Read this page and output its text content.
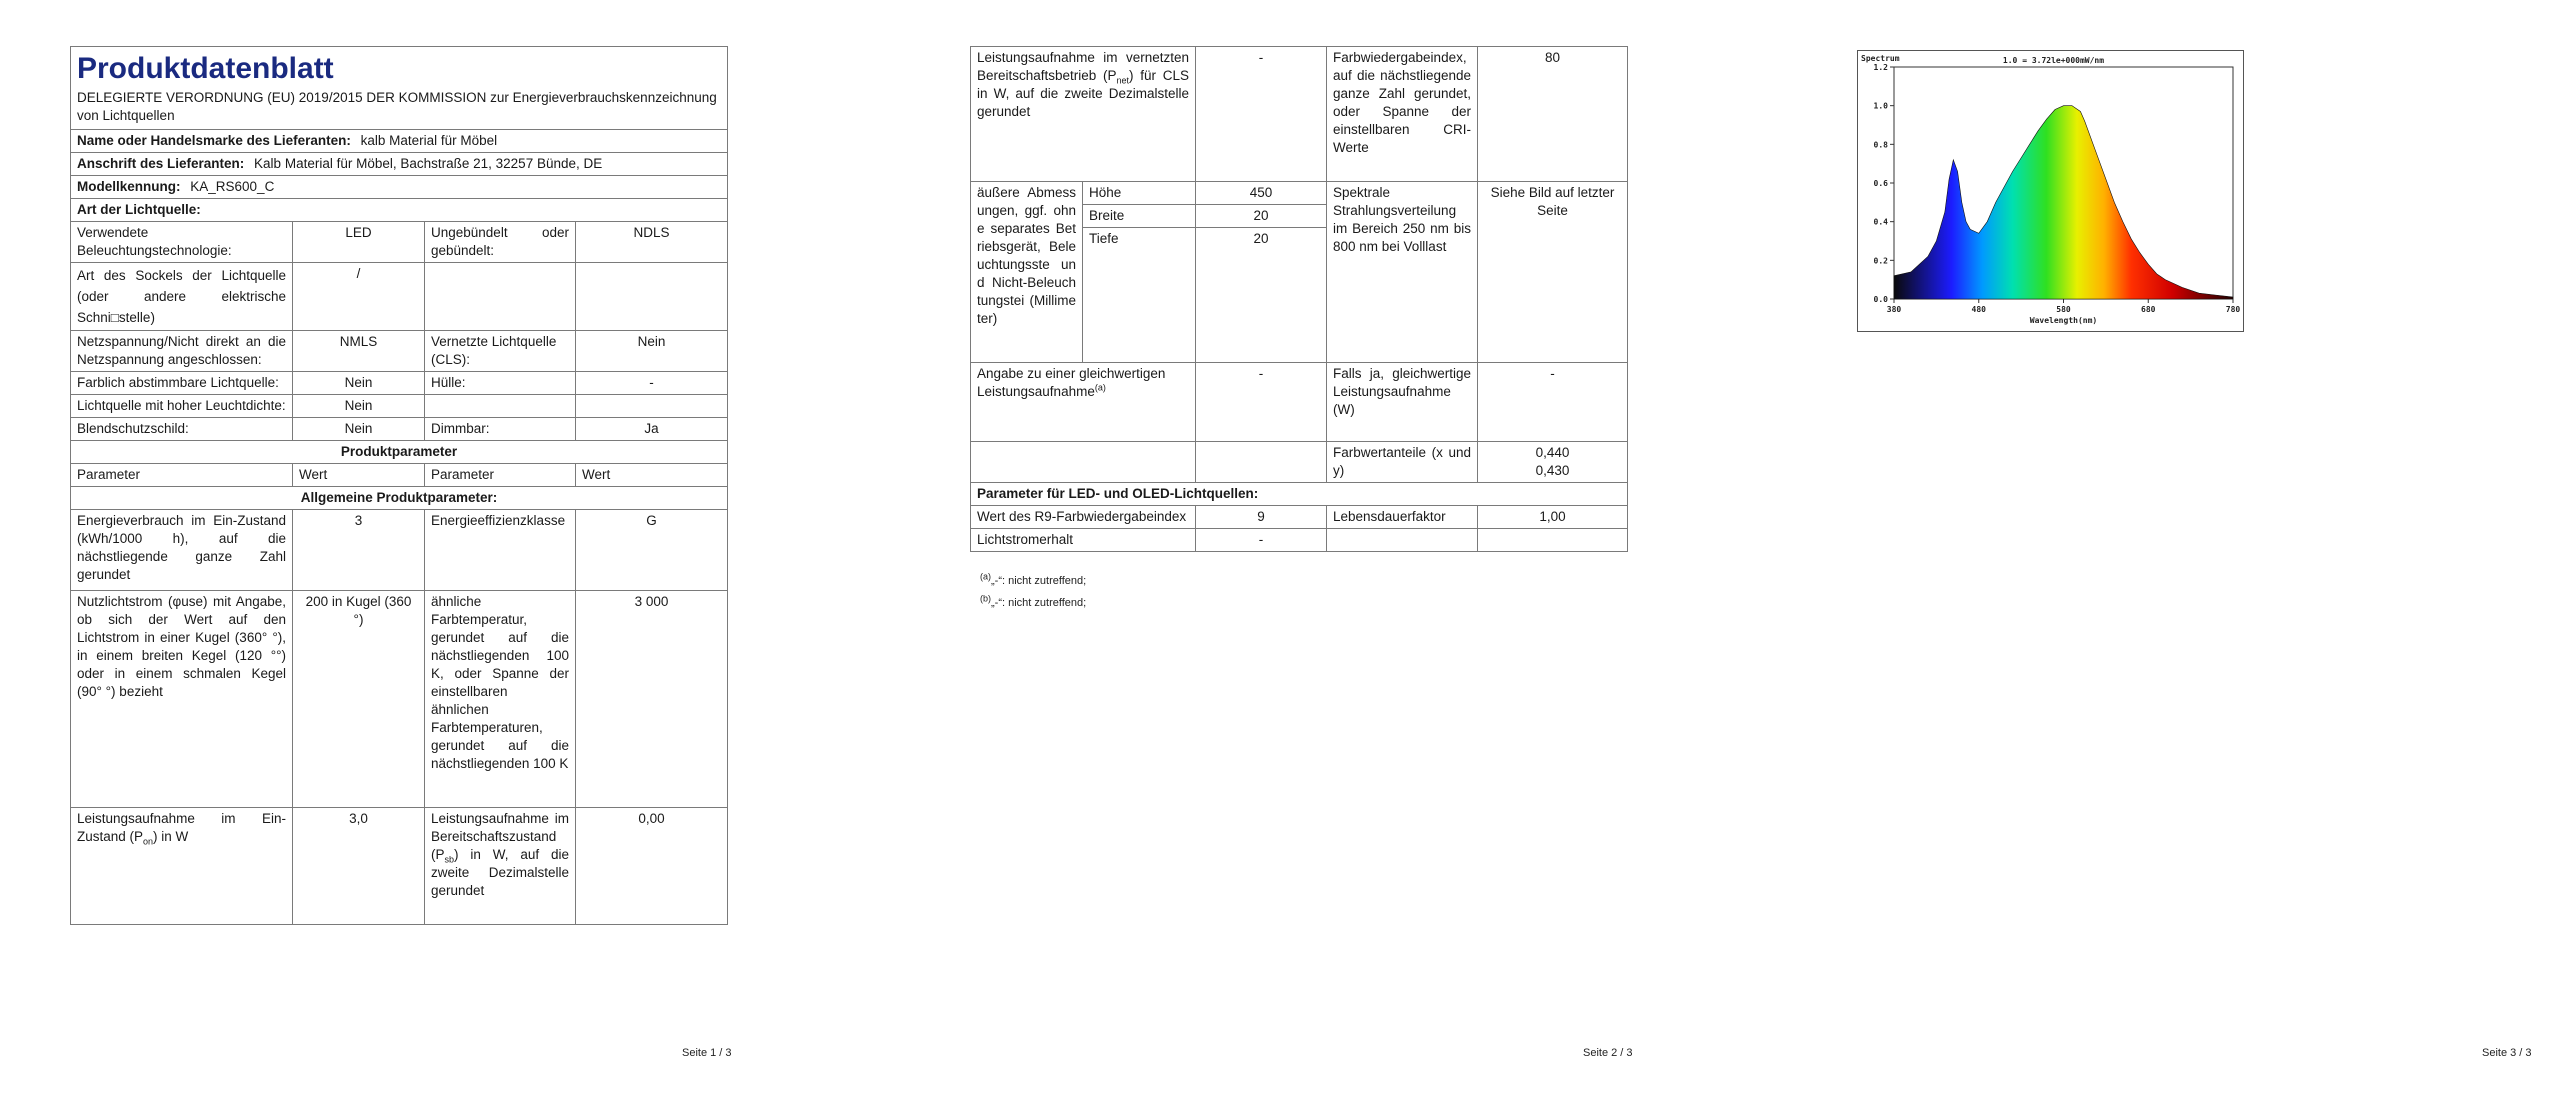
Produktdatenblatt
DELEGIERTE VERORDNUNG (EU) 2019/2015 DER KOMMISSION zur Energieverbrauchskennzeichnung von Lichtquellen			

Name oder Handelsmarke des Lieferanten: kalb Material für Möbel			
Anschrift des Lieferanten: Kalb Material für Möbel, Bachstraße 21, 32257 Bünde, DE			
Modellkennung: KA_RS600_C			
Art der Lichtquelle:			
Verwendete Beleuchtungstechnologie:	LED	Ungebündelt oder gebündelt:	NDLS
Art des Sockels der Lichtquelle (oder andere elektrische Schni□stelle)	/		
Netzspannung/Nicht direkt an die Netzspannung angeschlossen:	NMLS	Vernetzte Lichtquelle (CLS):	Nein
Farblich abstimmbare Lichtquelle:	Nein	Hülle:	-
Lichtquelle mit hoher Leuchtdichte:	Nein		
Blendschutzschild:	Nein	Dimmbar:	Ja
Produktparameter			
Parameter	Wert	Parameter	Wert
Allgemeine Produktparameter:			
Energieverbrauch im Ein-Zustand (kWh/1000 h), auf die nächstliegende ganze Zahl gerundet	3	Energieeffizienzklasse	G
Nutzlichtstrom (φuse) mit Angabe, ob sich der Wert auf den Lichtstrom in einer Kugel (360° °), in einem breiten Kegel (120 °°) oder in einem schmalen Kegel (90° °) bezieht	200 in Kugel (360 °)	ähnliche Farbtemperatur, gerundet auf die nächstliegenden 100 K, oder Spanne der einstellbaren ähnlichen Farbtemperaturen, gerundet auf die nächstliegenden 100 K	3 000
Leistungsaufnahme im Ein-Zustand $(P_{on})$ in W	3,0	Leistungsaufnahme im Bereitschaftszustand $(P_{sb})$ in W, auf die zweite Dezimalstelle gerundet	0,00
Seite 1 / 3
Leistungsaufnahme im vernetzten Bereitschaftsbetrieb $(P_{net})$ für CLS in W, auf die zweite Dezimalstelle gerundet		-	Farbwiedergabeindex, auf die nächstliegende ganze Zahl gerundet, oder Spanne der einstellbaren CRI-Werte	80
äußere Abmessungen, ggf. ohne separates Betriebsgerät, Beleuchtungsste und Nicht-Beleuchtungstei (Millimeter)	Höhe	450	Spektrale Strahlungsverteilung im Bereich 250 nm bis 800 nm bei Volllast	Siehe Bild auf letzter Seite
	Breite	20		
	Tiefe	20		
Angabe zu einer gleichwertigen Leistungsaufnahme$^{(a)}$		-	Falls ja, gleichwertige Leistungsaufnahme (W)	-
			Farbwertanteile (x und y)	0,440
0,430

Parameter für LED- und OLED-Lichtquellen:				
Wert des R9-Farbwiedergabeindex		9	Lebensdauerfaktor	1,00
Lichtstromerhalt		-		
$^{(a)}$„-“: nicht zutreffend;
$^{(b)}$„-“: nicht zutreffend;
Seite 2 / 3
0.0
0.2
0.4
0.6
0.8
1.0
1.2
380	480	580	680	780
Spectrum	1.0 = 3.72le+000mW/nm
Wavelength(nm)
Seite 3 / 3
